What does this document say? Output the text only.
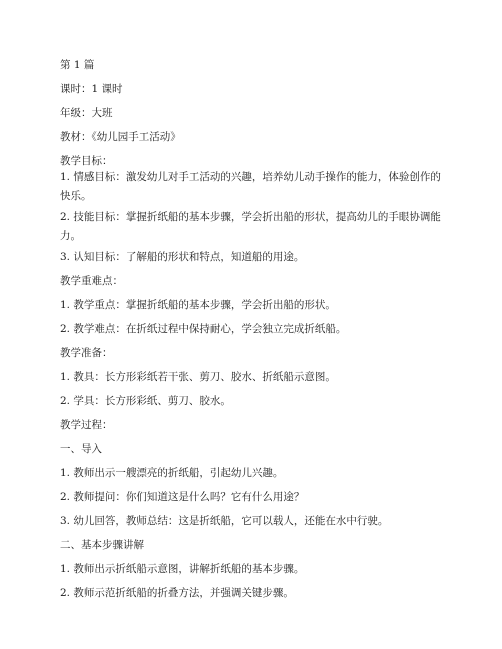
第 1 篇
课时：1 课时
年级：大班
教材：《幼儿园手工活动》
教学目标：
1. 情感目标：激发幼儿对手工活动的兴趣，培养幼儿动手操作的能力，体验创作的快乐。
2. 技能目标：掌握折纸船的基本步骤，学会折出船的形状，提高幼儿的手眼协调能力。
3. 认知目标：了解船的形状和特点，知道船的用途。
教学重难点：
1. 教学重点：掌握折纸船的基本步骤，学会折出船的形状。
2. 教学难点：在折纸过程中保持耐心，学会独立完成折纸船。
教学准备：
1. 教具：长方形彩纸若干张、剪刀、胶水、折纸船示意图。
2. 学具：长方形彩纸、剪刀、胶水。
教学过程：
一、导入
1. 教师出示一艘漂亮的折纸船，引起幼儿兴趣。
2. 教师提问：你们知道这是什么吗？它有什么用途？
3. 幼儿回答，教师总结：这是折纸船，它可以载人，还能在水中行驶。
二、基本步骤讲解
1. 教师出示折纸船示意图，讲解折纸船的基本步骤。
2. 教师示范折纸船的折叠方法，并强调关键步骤。
